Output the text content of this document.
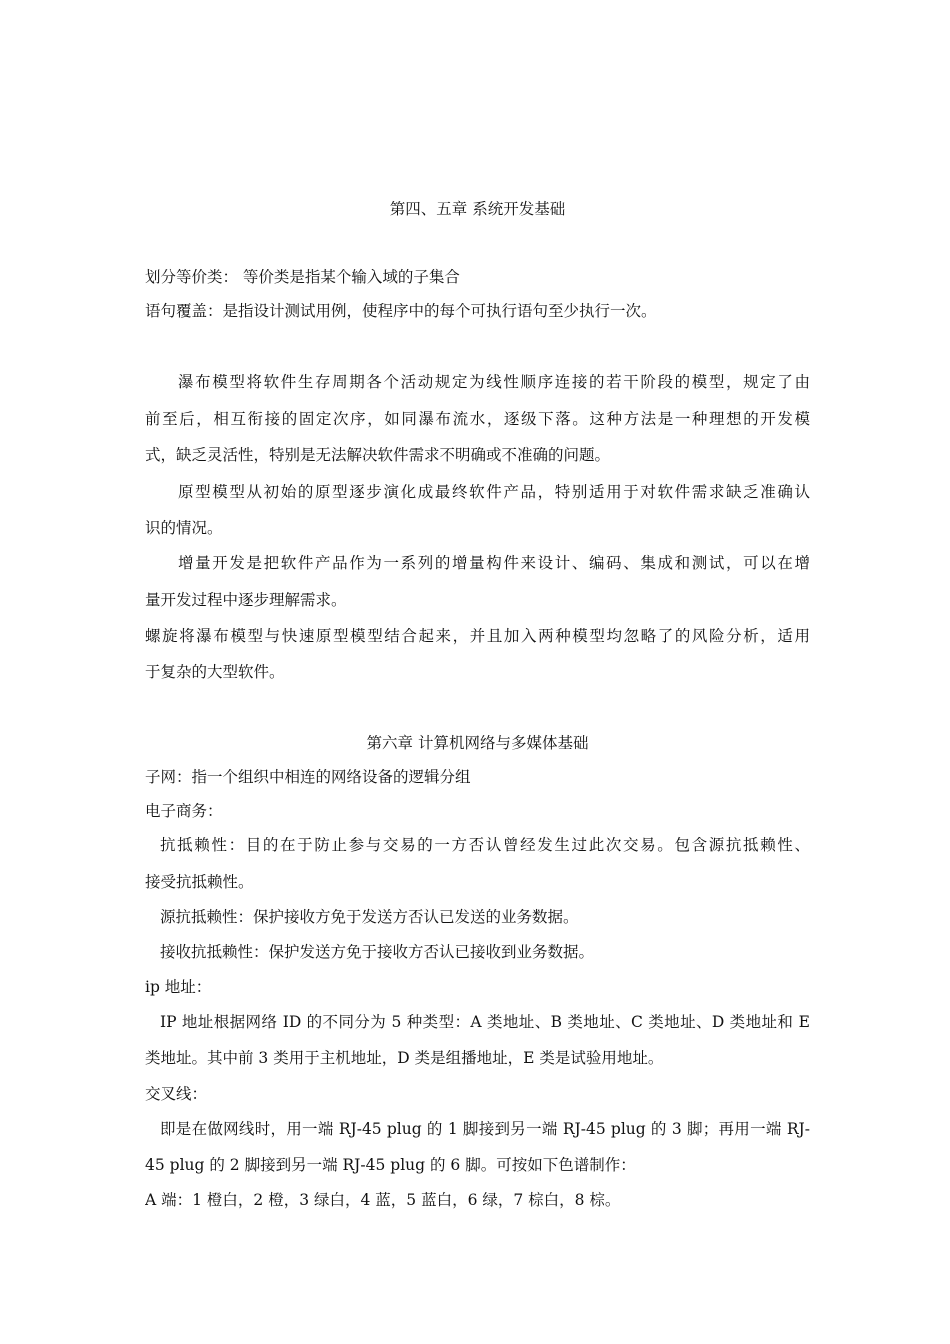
第四、五章 系统开发基础
划分等价类： 等价类是指某个输入域的子集合
语句覆盖：是指设计测试用例，使程序中的每个可执行语句至少执行一次。
瀑布模型将软件生存周期各个活动规定为线性顺序连接的若干阶段的模型，规定了由
前至后，相互衔接的固定次序，如同瀑布流水，逐级下落。这种方法是一种理想的开发模
式，缺乏灵活性，特别是无法解决软件需求不明确或不准确的问题。
原型模型从初始的原型逐步演化成最终软件产品，特别适用于对软件需求缺乏准确认
识的情况。
增量开发是把软件产品作为一系列的增量构件来设计、编码、集成和测试，可以在增
量开发过程中逐步理解需求。
螺旋将瀑布模型与快速原型模型结合起来，并且加入两种模型均忽略了的风险分析，适用
于复杂的大型软件。
第六章 计算机网络与多媒体基础
子网：指一个组织中相连的网络设备的逻辑分组
电子商务：
抗抵赖性：目的在于防止参与交易的一方否认曾经发生过此次交易。包含源抗抵赖性、
接受抗抵赖性。
源抗抵赖性：保护接收方免于发送方否认已发送的业务数据。
接收抗抵赖性：保护发送方免于接收方否认已接收到业务数据。
ip 地址：
IP 地址根据网络 ID 的不同分为 5 种类型：A 类地址、B 类地址、C 类地址、D 类地址和 E
类地址。其中前 3 类用于主机地址，D 类是组播地址，E 类是试验用地址。
交叉线：
即是在做网线时，用一端 RJ-45 plug 的 1 脚接到另一端 RJ-45 plug 的 3 脚；再用一端 RJ-
45 plug 的 2 脚接到另一端 RJ-45 plug 的 6 脚。可按如下色谱制作：
A 端：1 橙白，2 橙，3 绿白，4 蓝，5 蓝白，6 绿，7 棕白，8 棕。
